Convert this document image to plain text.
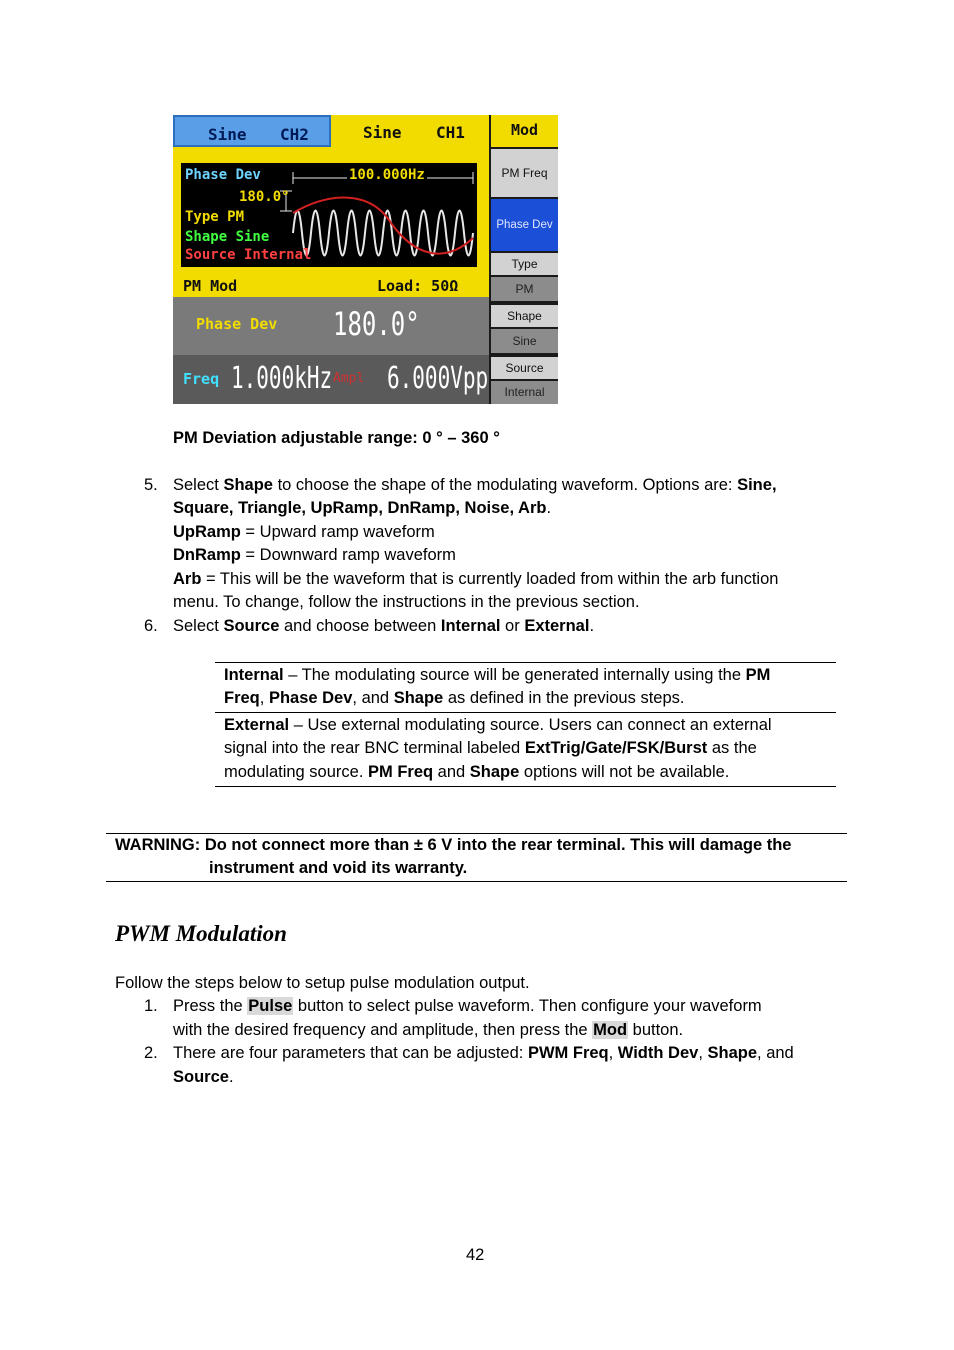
Sine CH2	Sine CH1
Phase Dev	100.000Hz
180.0°
Type PM
Shape Sine
Source Internal
PM Mod	Load: 50Ω
Phase Dev 180.0°
Freq 1.000kHz Ampl 6.000Vpp
Mod
PM Freq
Phase Dev
Type
PM
Shape
Sine
Source
Internal
PM Deviation adjustable range: 0 ° – 360 °
5. Select Shape to choose the shape of the modulating waveform. Options are: Sine,
Square, Triangle, UpRamp, DnRamp, Noise, Arb.
UpRamp = Upward ramp waveform
DnRamp = Downward ramp waveform
Arb = This will be the waveform that is currently loaded from within the arb function
menu. To change, follow the instructions in the previous section.
6. Select Source and choose between Internal or External.
Internal – The modulating source will be generated internally using the PM
Freq, Phase Dev, and Shape as defined in the previous steps.
External – Use external modulating source. Users can connect an external
signal into the rear BNC terminal labeled ExtTrig/Gate/FSK/Burst as the
modulating source. PM Freq and Shape options will not be available.
WARNING: Do not connect more than ± 6 V into the rear terminal. This will damage the
instrument and void its warranty.
PWM Modulation
Follow the steps below to setup pulse modulation output.
1. Press the Pulse button to select pulse waveform. Then configure your waveform
with the desired frequency and amplitude, then press the Mod button.
2. There are four parameters that can be adjusted: PWM Freq, Width Dev, Shape, and
Source.
42
